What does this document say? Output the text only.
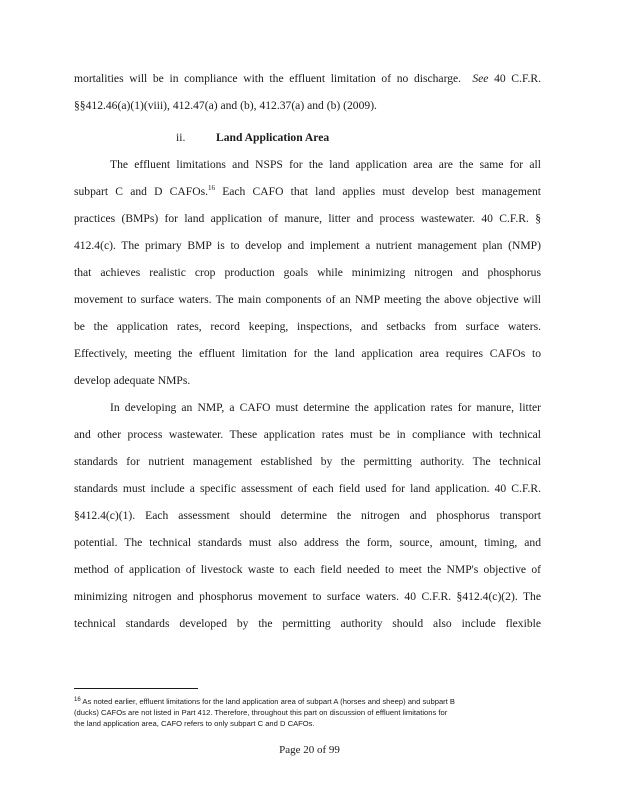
mortalities will be in compliance with the effluent limitation of no discharge. See 40 C.F.R.
§§412.46(a)(1)(viii), 412.47(a) and (b), 412.37(a) and (b) (2009).
ii.	Land Application Area
The effluent limitations and NSPS for the land application area are the same for all
subpart C and D CAFOs.$^{16}$ Each CAFO that land applies must develop best management
practices (BMPs) for land application of manure, litter and process wastewater. 40 C.F.R. §
412.4(c). The primary BMP is to develop and implement a nutrient management plan (NMP)
that achieves realistic crop production goals while minimizing nitrogen and phosphorus
movement to surface waters. The main components of an NMP meeting the above objective will
be the application rates, record keeping, inspections, and setbacks from surface waters.
Effectively, meeting the effluent limitation for the land application area requires CAFOs to
develop adequate NMPs.
In developing an NMP, a CAFO must determine the application rates for manure, litter
and other process wastewater. These application rates must be in compliance with technical
standards for nutrient management established by the permitting authority. The technical
standards must include a specific assessment of each field used for land application. 40 C.F.R.
§412.4(c)(1). Each assessment should determine the nitrogen and phosphorus transport
potential. The technical standards must also address the form, source, amount, timing, and
method of application of livestock waste to each field needed to meet the NMP's objective of
minimizing nitrogen and phosphorus movement to surface waters. 40 C.F.R. §412.4(c)(2). The
technical standards developed by the permitting authority should also include flexible
$^{16}$ As noted earlier, effluent limitations for the land application area of subpart A (horses and sheep) and subpart B
(ducks) CAFOs are not listed in Part 412. Therefore, throughout this part on discussion of effluent limitations for
the land application area, CAFO refers to only subpart C and D CAFOs.
Page 20 of 99
